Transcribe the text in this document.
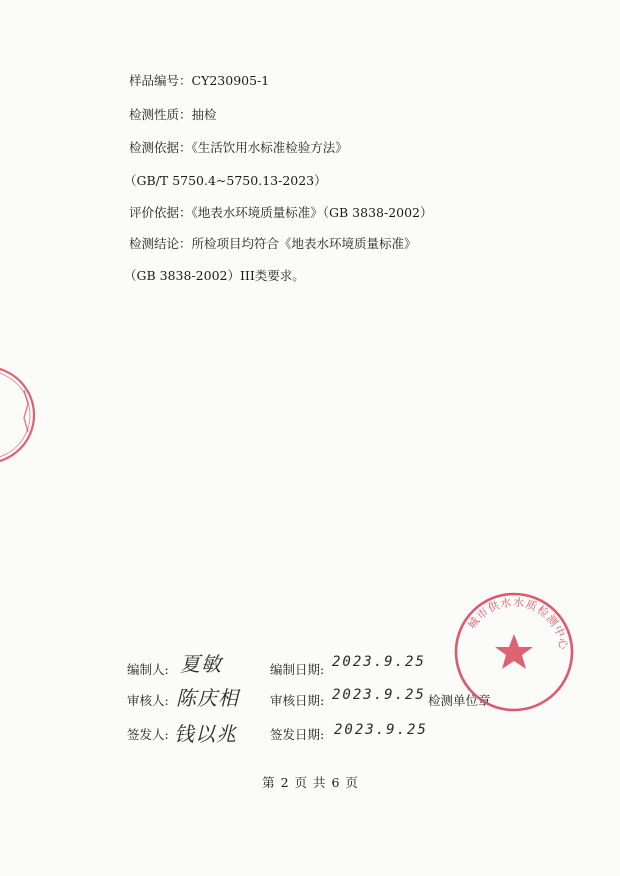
样品编号：CY230905-1
检测性质：抽检
检测依据：《生活饮用水标准检验方法》
（GB/T 5750.4~5750.13-2023）
评价依据：《地表水环境质量标准》（GB 3838-2002）
检测结论：所检项目均符合《地表水环境质量标准》
（GB 3838-2002）III类要求。
编制人: 夏敏	编制日期: 2023.9.25
审核人: 陈庆相 审核日期: 2023.9.25 检测单位章
签发人: 钱以兆	签发日期: 2023.9.25
城市供水水质检测中心
第 2 页 共 6 页
